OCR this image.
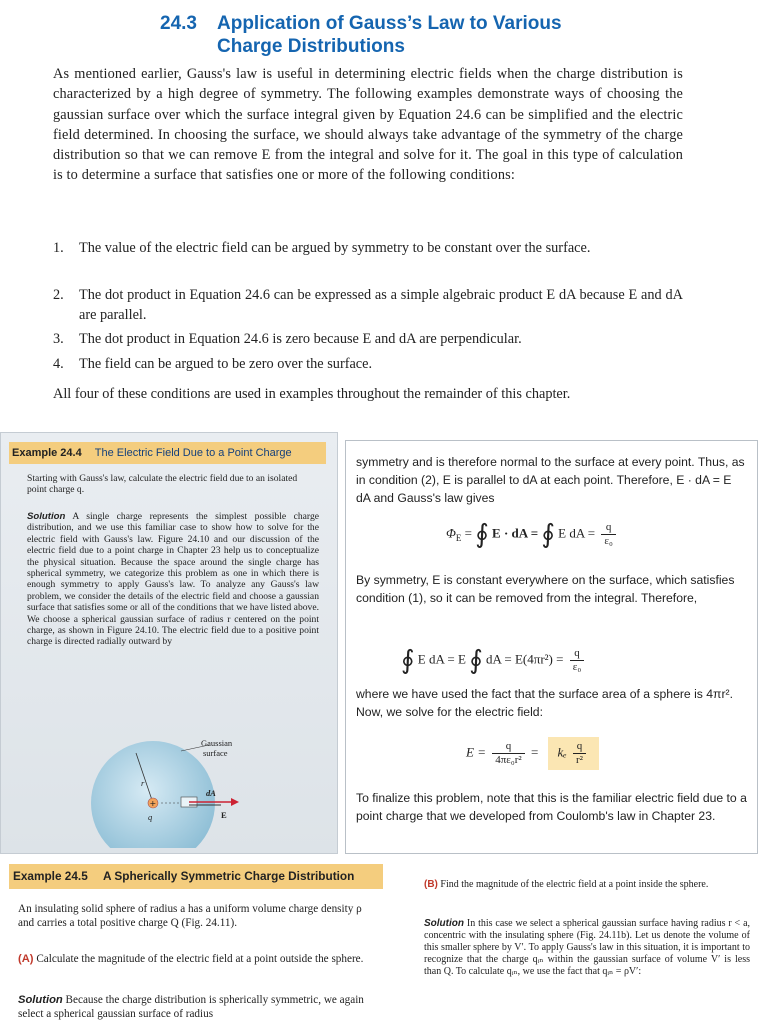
24.3 Application of Gauss’s Law to Various
Charge Distributions
As mentioned earlier, Gauss's law is useful in determining electric fields when the charge distribution is characterized by a high degree of symmetry. The following examples demonstrate ways of choosing the gaussian surface over which the surface integral given by Equation 24.6 can be simplified and the electric field determined. In choosing the surface, we should always take advantage of the symmetry of the charge distribution so that we can remove E from the integral and solve for it. The goal in this type of calculation is to determine a surface that satisfies one or more of the following conditions:
1. The value of the electric field can be argued by symmetry to be constant over the surface.
2. The dot product in Equation 24.6 can be expressed as a simple algebraic product E dA because E and dA are parallel.
3. The dot product in Equation 24.6 is zero because E and dA are perpendicular.
4. The field can be argued to be zero over the surface.
All four of these conditions are used in examples throughout the remainder of this chapter.
Example 24.4 The Electric Field Due to a Point Charge
Starting with Gauss's law, calculate the electric field due to an isolated point charge q.
Solution A single charge represents the simplest possible charge distribution, and we use this familiar case to show how to solve for the electric field with Gauss's law. Figure 24.10 and our discussion of the electric field due to a point charge in Chapter 23 help us to conceptualize the physical situation. Because the space around the single charge has spherical symmetry, we categorize this problem as one in which there is enough symmetry to apply Gauss's law. To analyze any Gauss's law problem, we consider the details of the electric field and choose a gaussian surface that satisfies some or all of the conditions that we have listed above. We choose a spherical gaussian surface of radius r centered on the point charge, as shown in Figure 24.10. The electric field due to a positive point charge is directed radially outward by
+
Gaussian
surface
r
dA
E
q
symmetry and is therefore normal to the surface at every point. Thus, as in condition (2), E is parallel to dA at each point. Therefore, E · dA = E dA and Gauss's law gives
$\Phi_E$ = ∮ E · dA = ∮ E dA = $\frac{q}{\text{ε₀}}$
By symmetry, E is constant everywhere on the surface, which satisfies condition (1), so it can be removed from the integral. Therefore,
∮ E dA = E ∮ dA = $E(4\pi r^2) = \frac{q}{\text{ε₀}}$
where we have used the fact that the surface area of a sphere is 4πr². Now, we solve for the electric field:
$E = \frac{q}{\text{4πε₀r²}} = k_e \frac{q}{\text{r²}}$
To finalize this problem, note that this is the familiar electric field due to a point charge that we developed from Coulomb's law in Chapter 23.
Example 24.5 A Spherically Symmetric Charge Distribution
An insulating solid sphere of radius a has a uniform volume charge density ρ and carries a total positive charge Q (Fig. 24.11).
(A) Calculate the magnitude of the electric field at a point outside the sphere.
Solution Because the charge distribution is spherically symmetric, we again select a spherical gaussian surface of radius
(B) Find the magnitude of the electric field at a point inside the sphere.
Solution In this case we select a spherical gaussian surface having radius r < a, concentric with the insulating sphere (Fig. 24.11b). Let us denote the volume of this smaller sphere by V′. To apply Gauss's law in this situation, it is important to recognize that the charge qᵢₙ within the gaussian surface of volume V′ is less than Q. To calculate qᵢₙ, we use the fact that qᵢₙ = ρV′:
